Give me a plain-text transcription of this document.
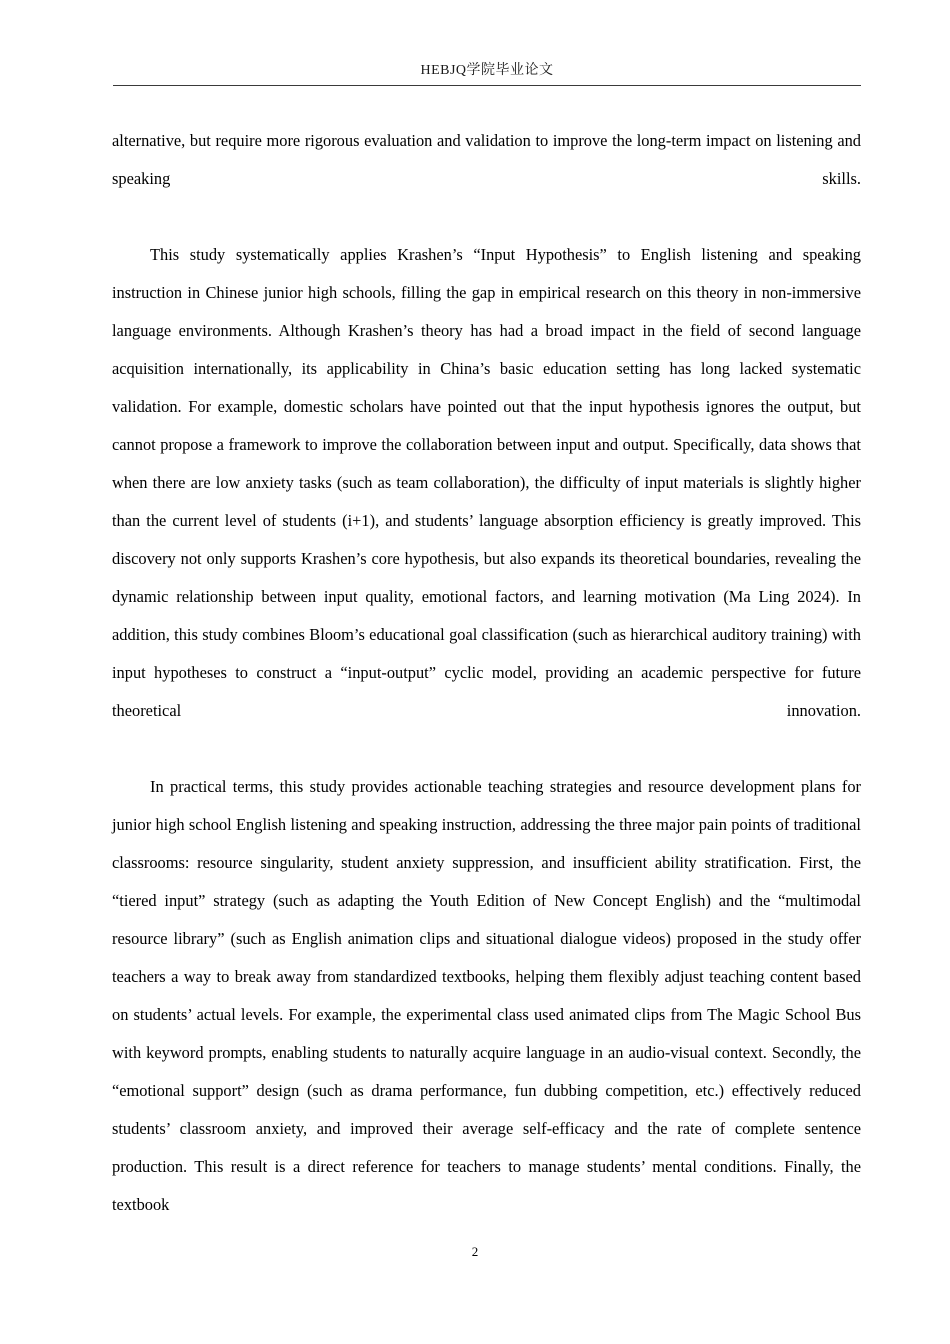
HEBJQ学院毕业论文

alternative, but require more rigorous evaluation and validation to improve the long-term impact on listening and speaking skills.

This study systematically applies Krashen’s “Input Hypothesis” to English listening and speaking instruction in Chinese junior high schools, filling the gap in empirical research on this theory in non-immersive language environments. Although Krashen’s theory has had a broad impact in the field of second language acquisition internationally, its applicability in China’s basic education setting has long lacked systematic validation. For example, domestic scholars have pointed out that the input hypothesis ignores the output, but cannot propose a framework to improve the collaboration between input and output. Specifically, data shows that when there are low anxiety tasks (such as team collaboration), the difficulty of input materials is slightly higher than the current level of students (i+1), and students’ language absorption efficiency is greatly improved. This discovery not only supports Krashen’s core hypothesis, but also expands its theoretical boundaries, revealing the dynamic relationship between input quality, emotional factors, and learning motivation (Ma Ling 2024). In addition, this study combines Bloom’s educational goal classification (such as hierarchical auditory training) with input hypotheses to construct a “input-output” cyclic model, providing an academic perspective for future theoretical innovation.

In practical terms, this study provides actionable teaching strategies and resource development plans for junior high school English listening and speaking instruction, addressing the three major pain points of traditional classrooms: resource singularity, student anxiety suppression, and insufficient ability stratification. First, the “tiered input” strategy (such as adapting the Youth Edition of New Concept English) and the “multimodal resource library” (such as English animation clips and situational dialogue videos) proposed in the study offer teachers a way to break away from standardized textbooks, helping them flexibly adjust teaching content based on students’ actual levels. For example, the experimental class used animated clips from The Magic School Bus with keyword prompts, enabling students to naturally acquire language in an audio-visual context. Secondly, the “emotional support” design (such as drama performance, fun dubbing competition, etc.) effectively reduced students’ classroom anxiety, and improved their average self-efficacy and the rate of complete sentence production. This result is a direct reference for teachers to manage students’ mental conditions. Finally, the textbook

2
